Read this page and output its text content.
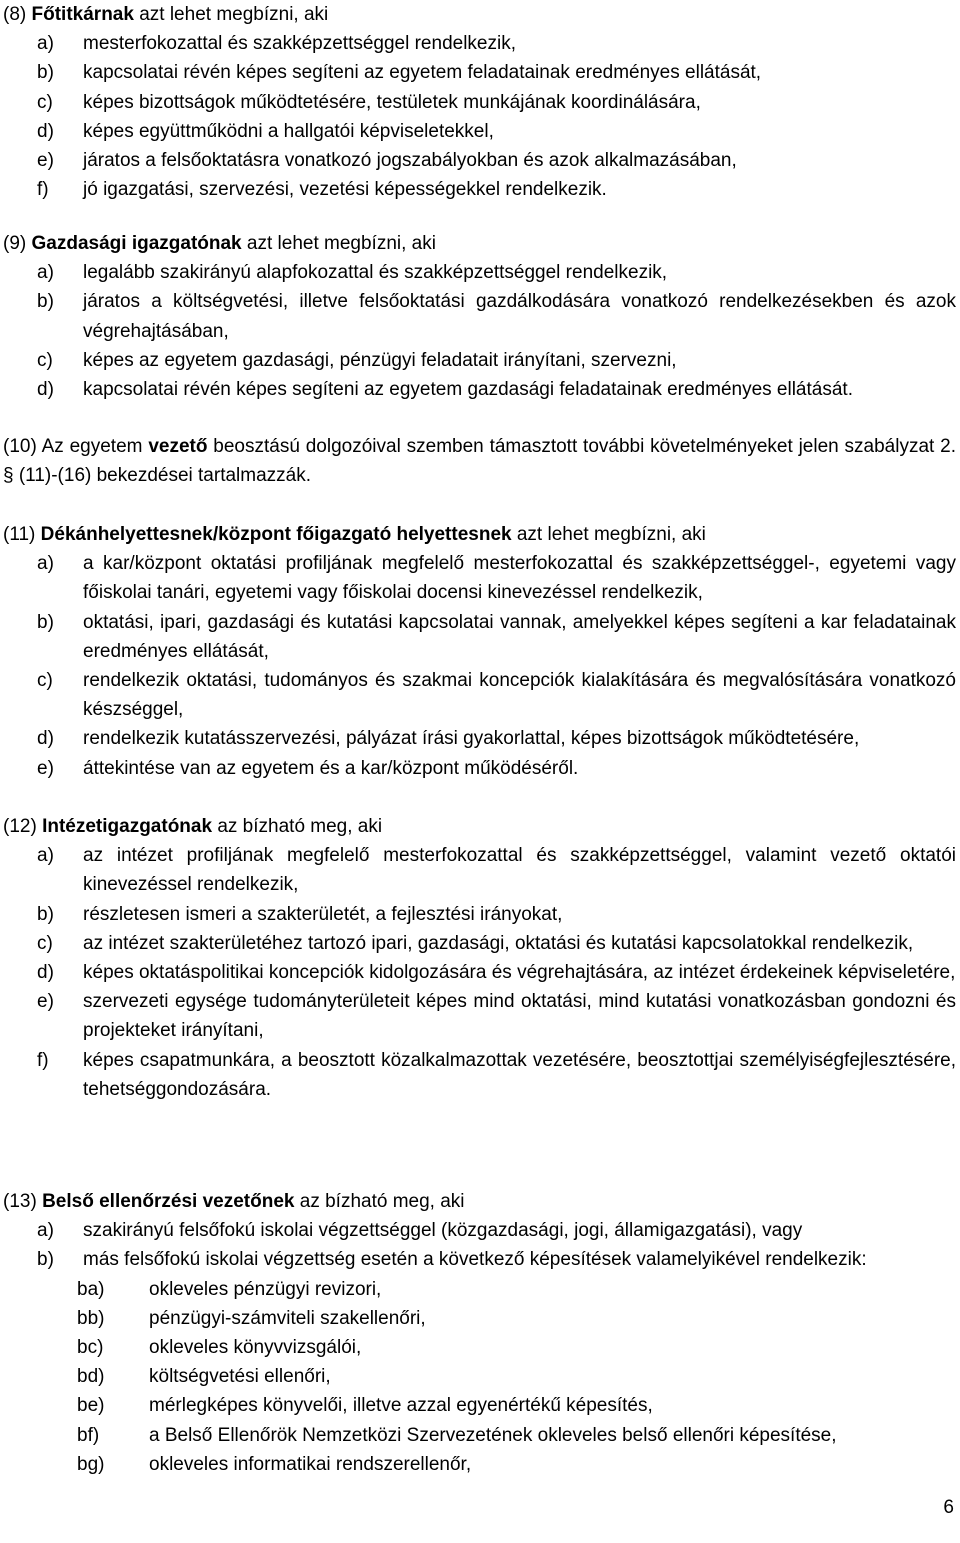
(8) Főtitkárnak azt lehet megbízni, aki

a)	mesterfokozattal és szakképzettséggel rendelkezik,
b)	kapcsolatai révén képes segíteni az egyetem feladatainak eredményes ellátását,
c)	képes bizottságok működtetésére, testületek munkájának koordinálására,
d)	képes együttműködni a hallgatói képviseletekkel,
e)	járatos a felsőoktatásra vonatkozó jogszabályokban és azok alkalmazásában,
f)	jó igazgatási, szervezési, vezetési képességekkel rendelkezik.

(9) Gazdasági igazgatónak azt lehet megbízni, aki

a)	legalább szakirányú alapfokozattal és szakképzettséggel rendelkezik,
b)	járatos a költségvetési, illetve felsőoktatási gazdálkodására vonatkozó rendelkezésekben és azok végrehajtásában,
c)	képes az egyetem gazdasági, pénzügyi feladatait irányítani, szervezni,
d)	kapcsolatai révén képes segíteni az egyetem gazdasági feladatainak eredményes ellátását.

(10) Az egyetem vezető beosztású dolgozóival szemben támasztott további követelményeket jelen szabályzat 2. § (11)-(16) bekezdései tartalmazzák.

(11) Dékánhelyettesnek/központ főigazgató helyettesnek azt lehet megbízni, aki

a)	a kar/központ oktatási profiljának megfelelő mesterfokozattal és szakképzettséggel-, egyetemi vagy főiskolai tanári, egyetemi vagy főiskolai docensi kinevezéssel rendelkezik,
b)	oktatási, ipari, gazdasági és kutatási kapcsolatai vannak, amelyekkel képes segíteni a kar feladatainak eredményes ellátását,
c)	rendelkezik oktatási, tudományos és szakmai koncepciók kialakítására és megvalósítására vonatkozó készséggel,
d)	rendelkezik kutatásszervezési, pályázat írási gyakorlattal, képes bizottságok működtetésére,
e)	áttekintése van az egyetem és a kar/központ működéséről.

(12) Intézetigazgatónak az bízható meg, aki

a)	az intézet profiljának megfelelő mesterfokozattal és szakképzettséggel, valamint vezető oktatói kinevezéssel rendelkezik,
b)	részletesen ismeri a szakterületét, a fejlesztési irányokat,
c)	az intézet szakterületéhez tartozó ipari, gazdasági, oktatási és kutatási kapcsolatokkal rendelkezik,
d)	képes oktatáspolitikai koncepciók kidolgozására és végrehajtására, az intézet érdekeinek képviseletére,
e)	szervezeti egysége tudományterületeit képes mind oktatási, mind kutatási vonatkozásban gondozni és projekteket irányítani,
f)	képes csapatmunkára, a beosztott közalkalmazottak vezetésére, beosztottjai személyiségfejlesztésére, tehetséggondozására.

(13) Belső ellenőrzési vezetőnek az bízható meg, aki

a)	szakirányú felsőfokú iskolai végzettséggel (közgazdasági, jogi, államigazgatási), vagy
b)	más felsőfokú iskolai végzettség esetén a következő képesítések valamelyikével rendelkezik:
ba)	okleveles pénzügyi revizori,
bb)	pénzügyi-számviteli szakellenőri,
bc)	okleveles könyvvizsgálói,
bd)	költségvetési ellenőri,
be)	mérlegképes könyvelői, illetve azzal egyenértékű képesítés,
bf)	a Belső Ellenőrök Nemzetközi Szervezetének okleveles belső ellenőri képesítése,
bg)	okleveles informatikai rendszerellenőr,
6
